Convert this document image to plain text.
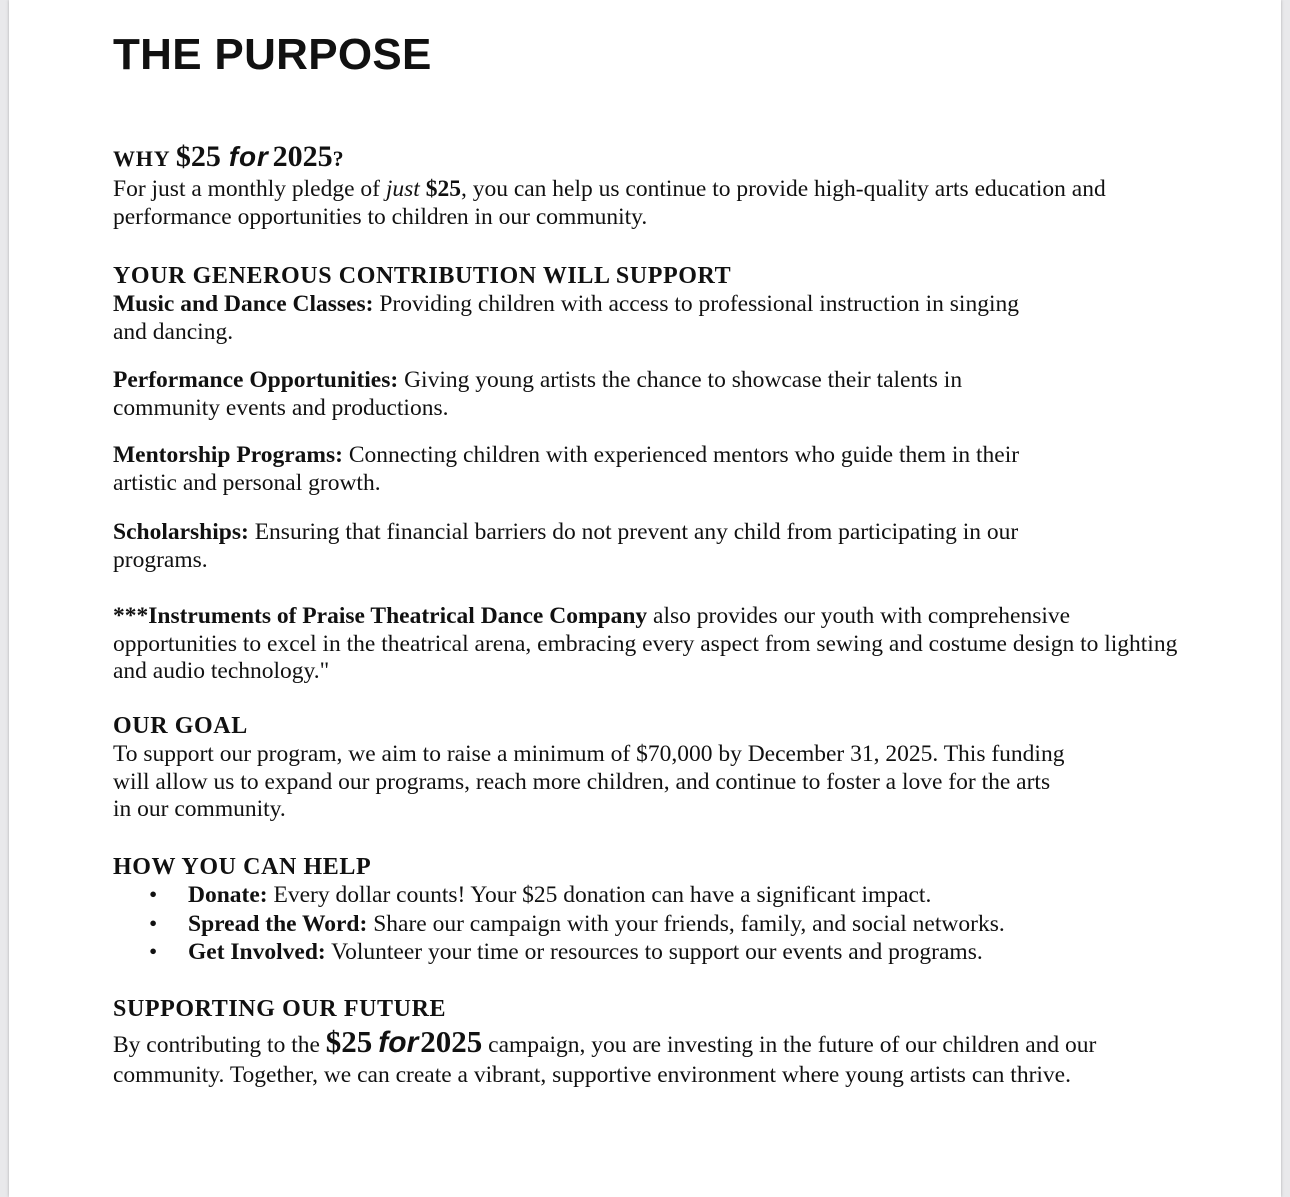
THE PURPOSE

WHY $25 for 2025?

For just a monthly pledge of just $25, you can help us continue to provide high-quality arts education and performance opportunities to children in our community.

YOUR GENEROUS CONTRIBUTION WILL SUPPORT

Music and Dance Classes: Providing children with access to professional instruction in singing and dancing.

Performance Opportunities: Giving young artists the chance to showcase their talents in community events and productions.

Mentorship Programs: Connecting children with experienced mentors who guide them in their artistic and personal growth.

Scholarships: Ensuring that financial barriers do not prevent any child from participating in our programs.

***Instruments of Praise Theatrical Dance Company also provides our youth with comprehensive opportunities to excel in the theatrical arena, embracing every aspect from sewing and costume design to lighting and audio technology."

OUR GOAL

To support our program, we aim to raise a minimum of $70,000 by December 31, 2025. This funding will allow us to expand our programs, reach more children, and continue to foster a love for the arts in our community.

HOW YOU CAN HELP

• Donate: Every dollar counts! Your $25 donation can have a significant impact.
• Spread the Word: Share our campaign with your friends, family, and social networks.
• Get Involved: Volunteer your time or resources to support our events and programs.

SUPPORTING OUR FUTURE

By contributing to the $25 for2025 campaign, you are investing in the future of our children and our community. Together, we can create a vibrant, supportive environment where young artists can thrive.
